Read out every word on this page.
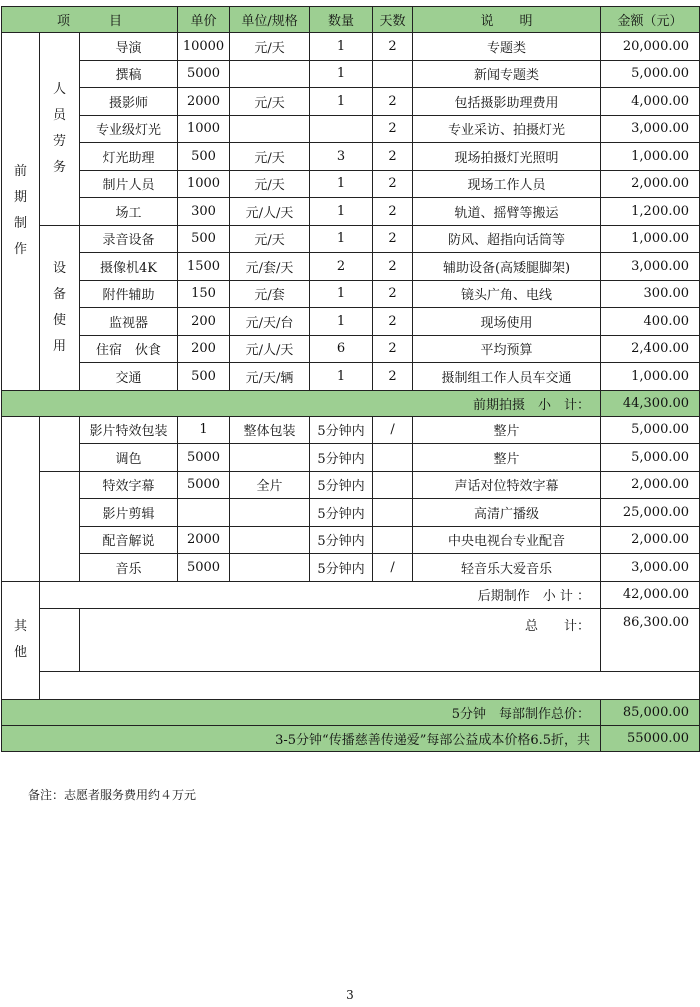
项　　　目			单价	单位/规格	数量	天数	说　　明	金额（元）
前期制作	人员劳务	导演	10000	元/天	1	2	专题类	20,000.00
		撰稿	5000		1		新闻专题类	5,000.00
		摄影师	2000	元/天	1	2	包括摄影助理费用	4,000.00
		专业级灯光	1000			2	专业采访、拍摄灯光	3,000.00
		灯光助理	500	元/天	3	2	现场拍摄灯光照明	1,000.00
		制片人员	1000	元/天	1	2	现场工作人员	2,000.00
		场工	300	元/人/天	1	2	轨道、摇臂等搬运	1,200.00
	设备使用	录音设备	500	元/天	1	2	防风、超指向话筒等	1,000.00
		摄像机4K	1500	元/套/天	2	2	辅助设备(高矮腿脚架)	3,000.00
		附件辅助	150	元/套	1	2	镜头广角、电线	300.00
		监视器	200	元/天/台	1	2	现场使用	400.00
		住宿　伙食	200	元/人/天	6	2	平均预算	2,400.00
		交通	500	元/天/辆	1	2	摄制组工作人员车交通	1,000.00
前期拍摄　小　计：								44,300.00
		影片特效包装	1	整体包装	5分钟内	/	整片	5,000.00
		调色	5000		5分钟内		整片	5,000.00
		特效字幕	5000	全片	5分钟内		声话对位特效字幕	2,000.00
		影片剪辑			5分钟内		高清广播级	25,000.00
		配音解说	2000		5分钟内		中央电视台专业配音	2,000.00
		音乐	5000		5分钟内	/	轻音乐大爱音乐	3,000.00
其他	后期制作　小 计 ：							42,000.00
		总　　计：						86,300.00

5分钟　每部制作总价：								85,000.00
3-5分钟“传播慈善传递爱”每部公益成本价格6.5折，共								55000.00
备注：志愿者服务费用约４万元
3
